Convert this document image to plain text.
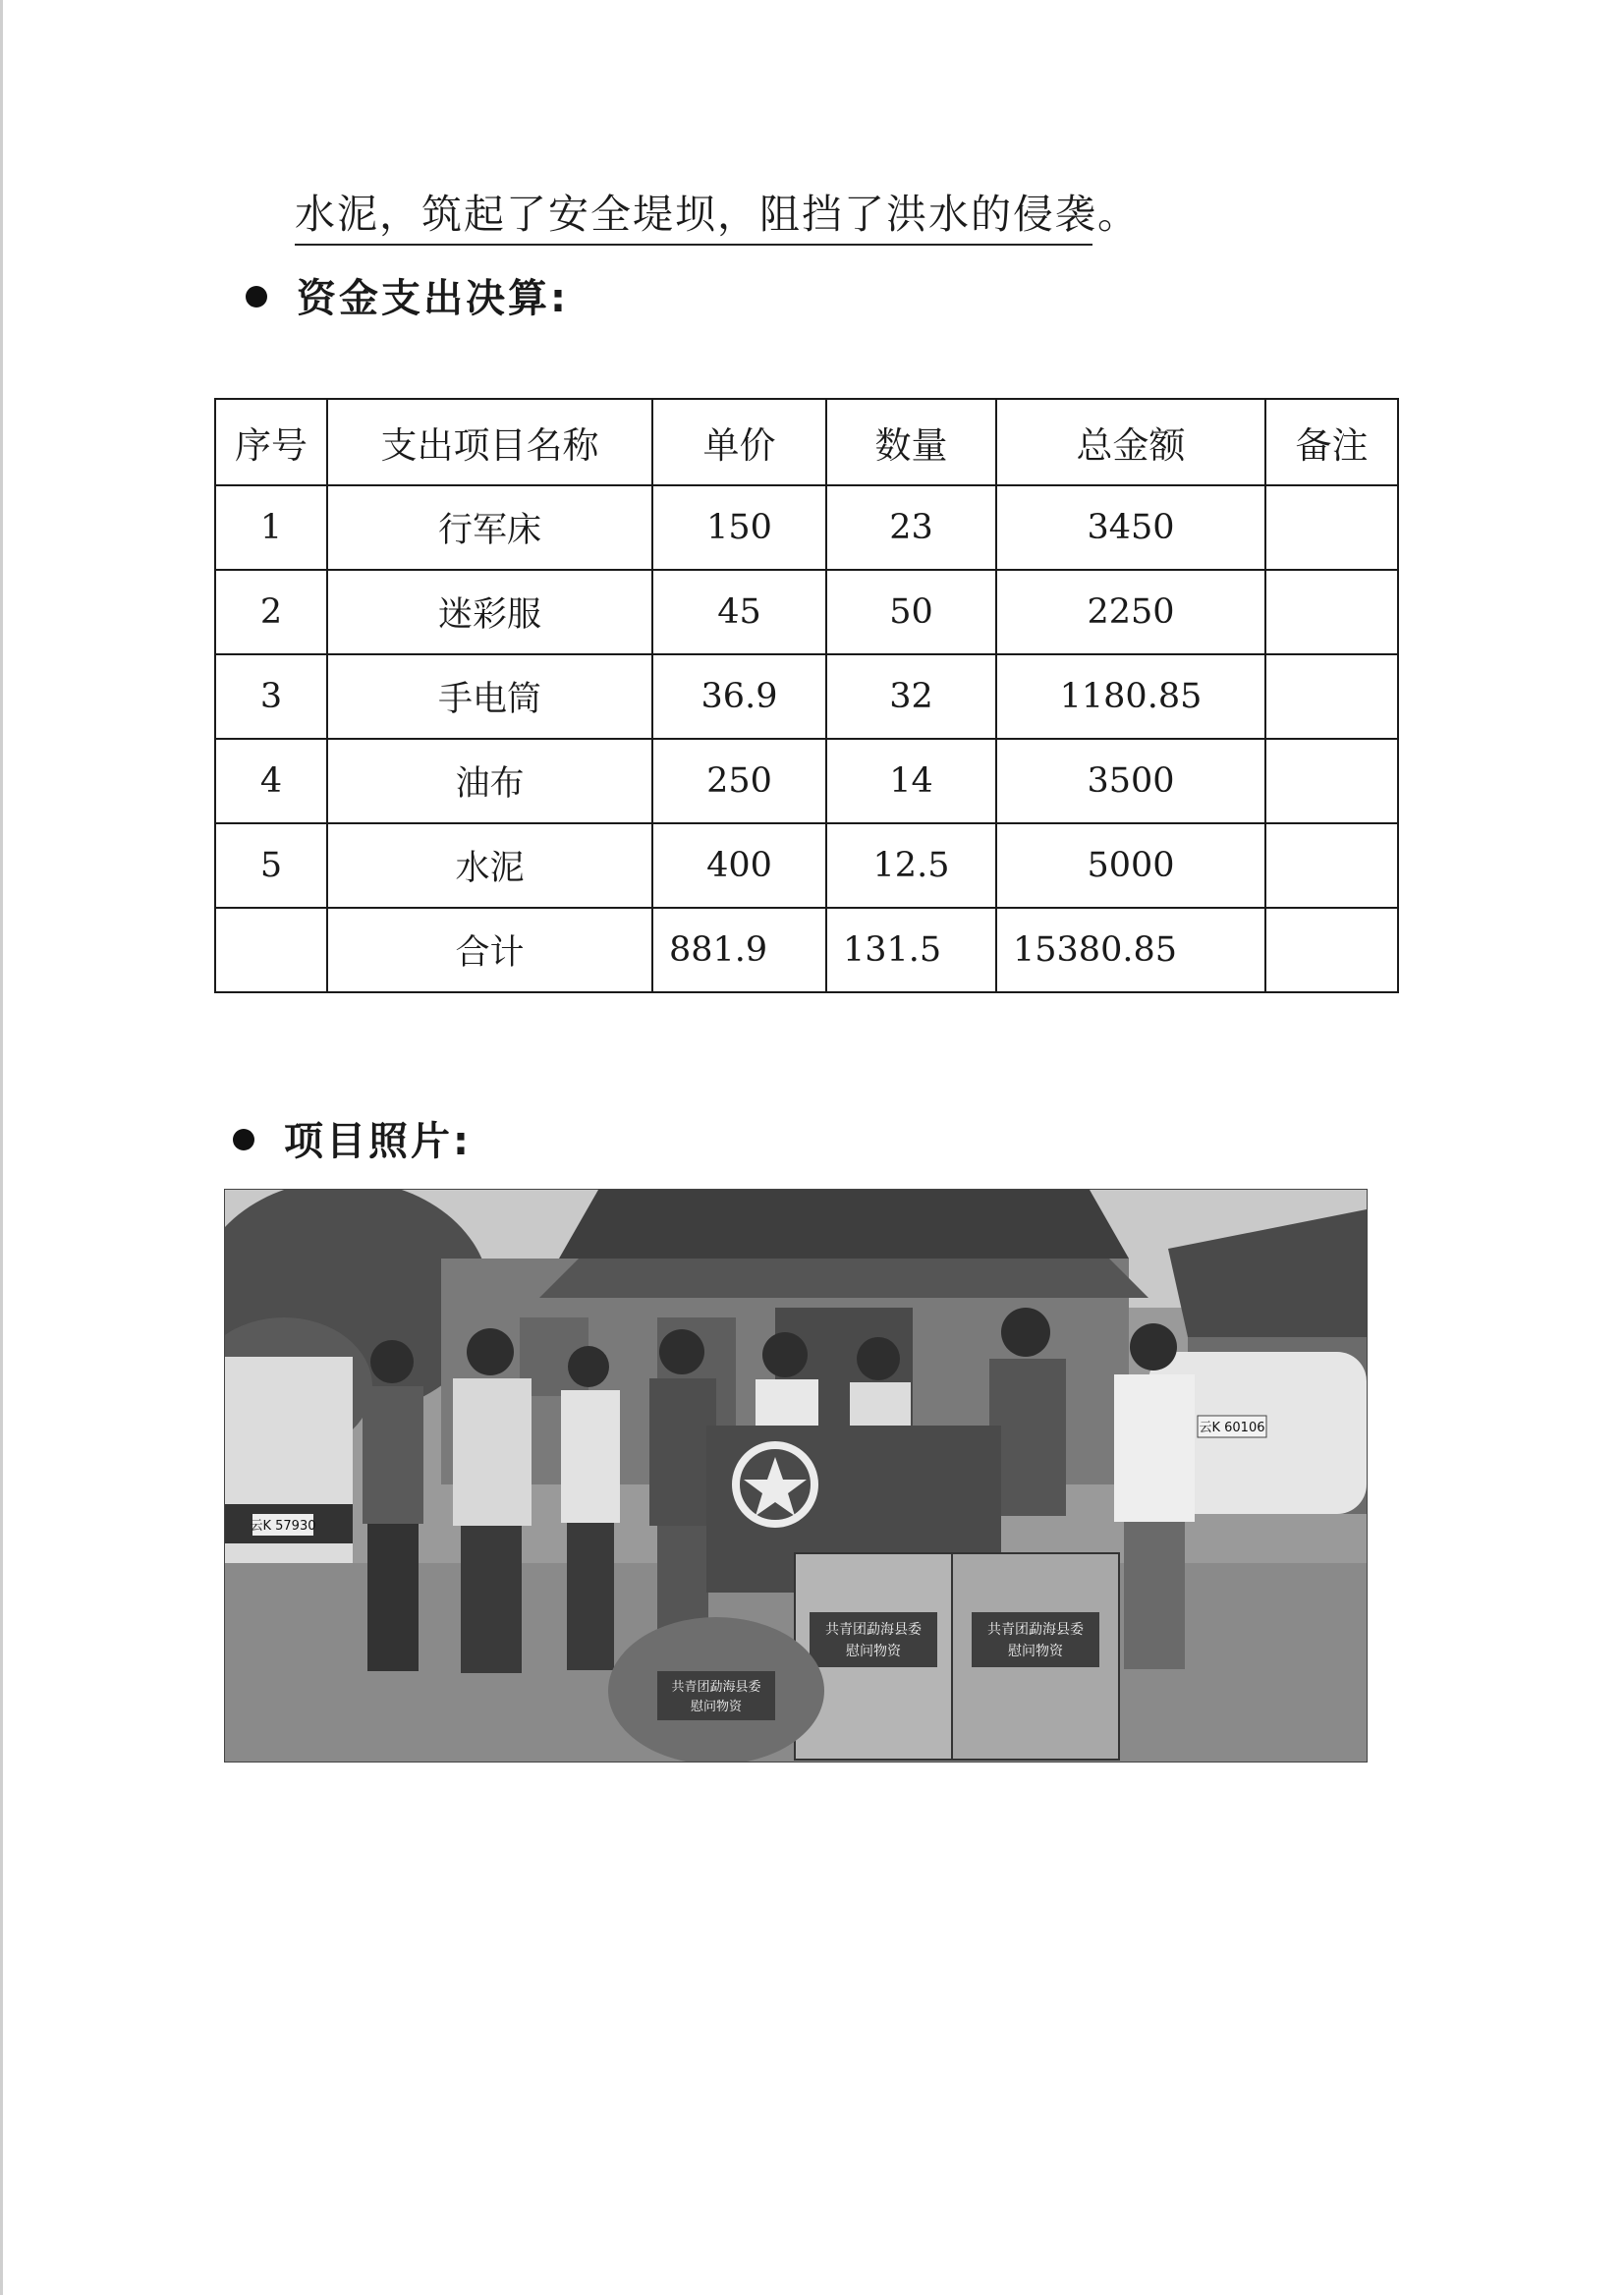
水泥，筑起了安全堤坝，阻挡了洪水的侵袭。
资金支出决算:
序号	支出项目名称	单价	数量	总金额	备注
1	行军床	150	23	3450	
2	迷彩服	45	50	2250	
3	手电筒	36.9	32	1180.85	
4	油布	250	14	3500	
5	水泥	400	12.5	5000	
	合计	881.9	131.5	15380.85	
项目照片:
云K 57930
云K 60106
共青团勐海县委
慰问物资
共青团勐海县委
慰问物资
共青团勐海县委
慰问物资
